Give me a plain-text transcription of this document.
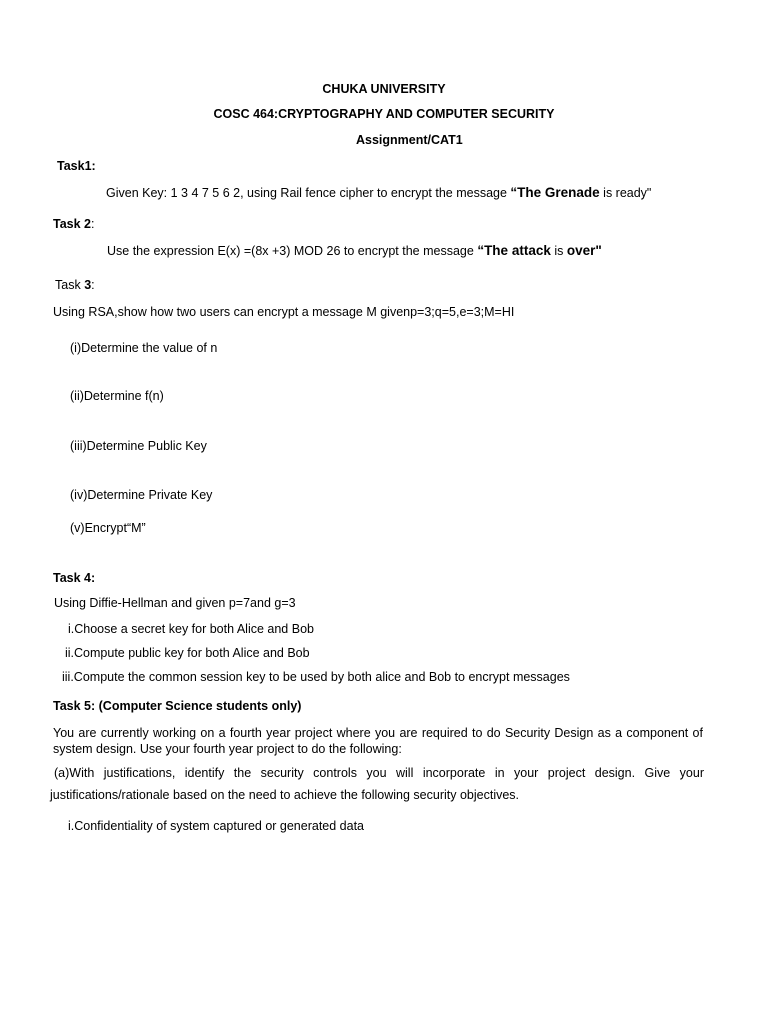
CHUKA UNIVERSITY
COSC 464:CRYPTOGRAPHY AND COMPUTER SECURITY
Assignment/CAT1
Task1:
Given Key: 1 3 4 7 5 6 2, using Rail fence cipher to encrypt the message “The Grenade is ready"
Task 2:
Use the expression E(x) =(8x +3) MOD 26 to encrypt the message “The attack is over"
Task 3:
Using RSA,show how two users can encrypt a message M givenp=3;q=5,e=3;M=HI
(i)Determine the value of n
(ii)Determine f(n)
(iii)Determine Public Key
(iv)Determine Private Key
(v)Encrypt“M”
Task 4:
Using Diffie-Hellman and given p=7and g=3
i.Choose a secret key for both Alice and Bob
ii.Compute public key for both Alice and Bob
iii.Compute the common session key to be used by both alice and Bob to encrypt messages
Task 5: (Computer Science students only)
You are currently working on a fourth year project where you are required to do Security Design as a component of system design. Use your fourth year project to do the following:
(a)With justifications, identify the security controls you will incorporate in your project design. Give your
justifications/rationale based on the need to achieve the following security objectives.
i.Confidentiality of system captured or generated data
